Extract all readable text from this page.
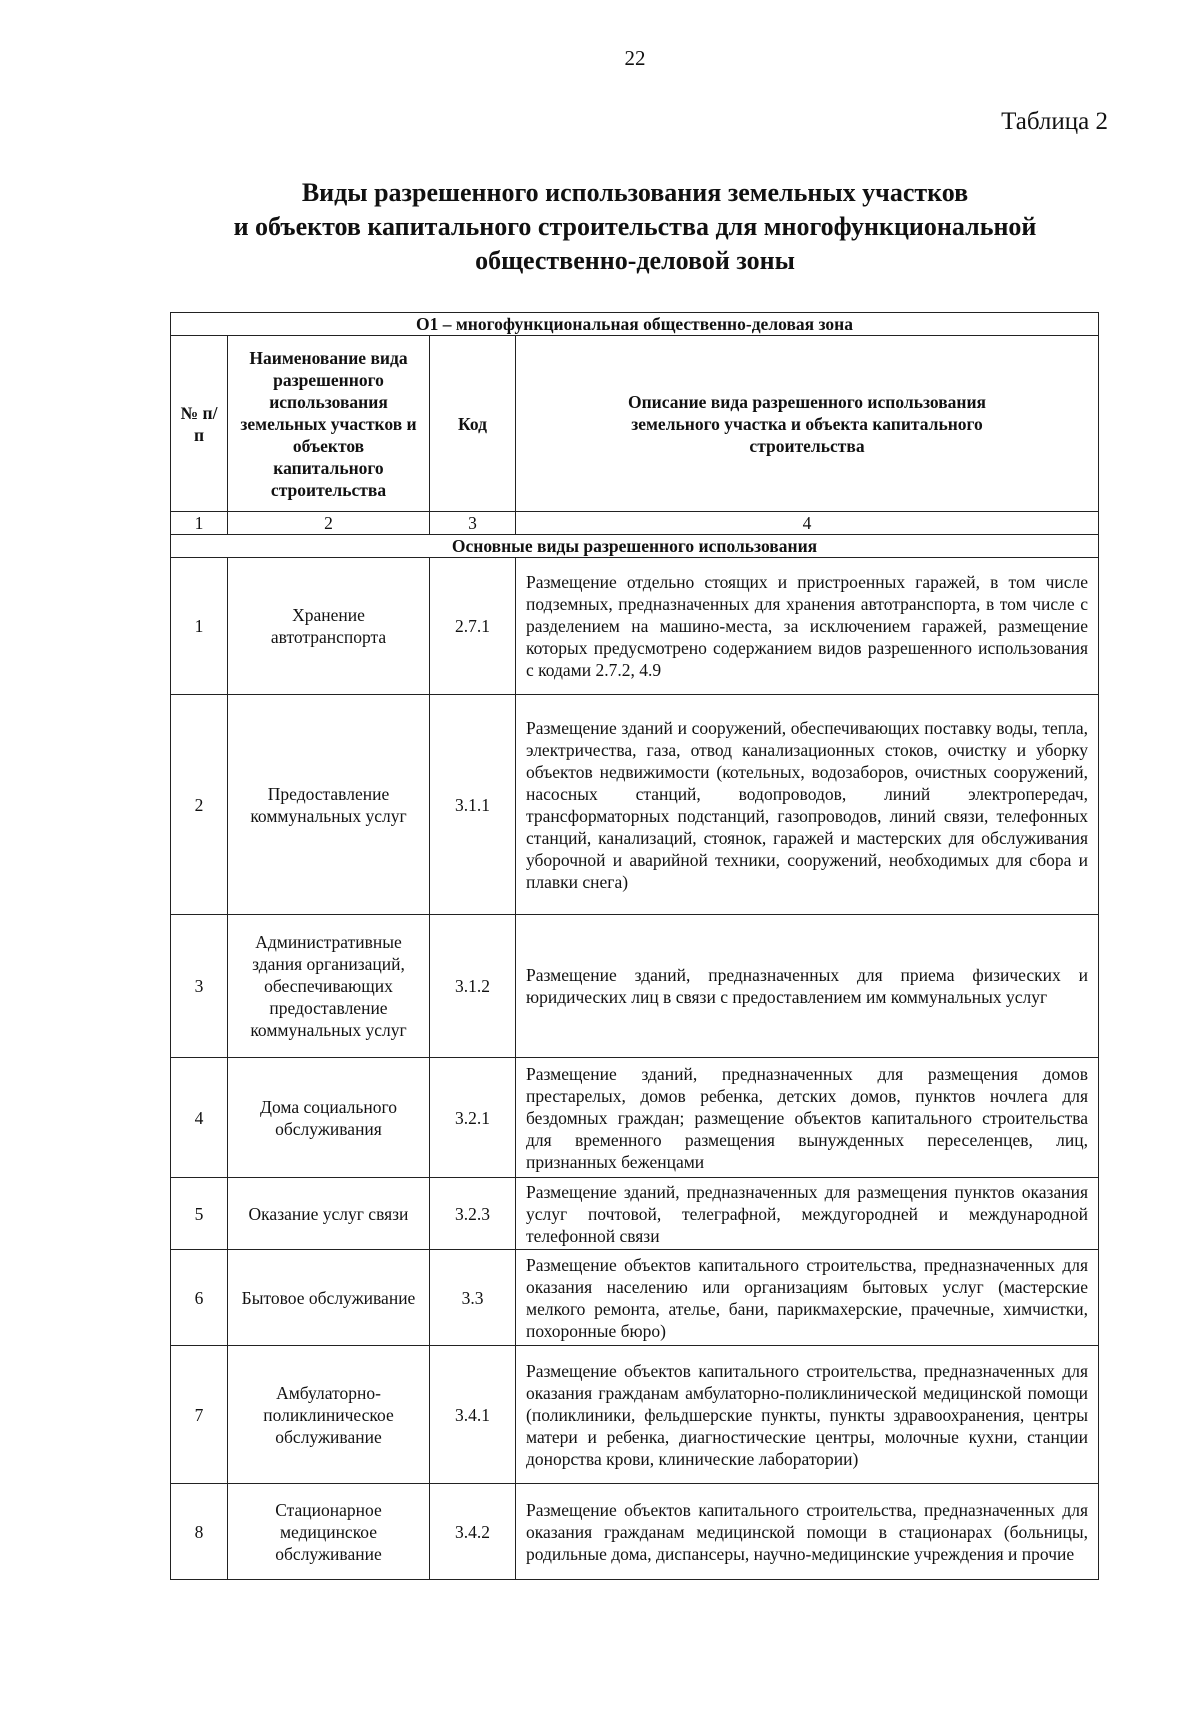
22
Таблица 2
Виды разрешенного использования земельных участков
и объектов капитального строительства для многофункциональной
общественно-деловой зоны
О1 – многофункциональная общественно-деловая зона			
№ п/п	Наименование вида разрешенного использования земельных участков и объектов капитального строительства	Код	Описание вида разрешенного использования земельного участка и объекта капитального строительства
1	2	3	4
Основные виды разрешенного использования			
1	Хранение автотранспорта	2.7.1	Размещение отдельно стоящих и пристроенных гаражей, в том числе подземных, предназначенных для хранения автотранспорта, в том числе с разделением на машино-места, за исключением гаражей, размещение которых предусмотрено содержанием видов разрешенного использования с кодами 2.7.2, 4.9
2	Предоставление коммунальных услуг	3.1.1	Размещение зданий и сооружений, обеспечивающих поставку воды, тепла, электричества, газа, отвод канализационных стоков, очистку и уборку объектов недвижимости (котельных, водозаборов, очистных сооружений, насосных станций, водопроводов, линий электропередач, трансформаторных подстанций, газопроводов, линий связи, телефонных станций, канализаций, стоянок, гаражей и мастерских для обслуживания уборочной и аварийной техники, сооружений, необходимых для сбора и плавки снега)
3	Административные здания организаций, обеспечивающих предоставление коммунальных услуг	3.1.2	Размещение зданий, предназначенных для приема физических и юридических лиц в связи с предоставлением им коммунальных услуг
4	Дома социального обслуживания	3.2.1	Размещение зданий, предназначенных для размещения домов престарелых, домов ребенка, детских домов, пунктов ночлега для бездомных граждан; размещение объектов капитального строительства для временного размещения вынужденных переселенцев, лиц, признанных беженцами
5	Оказание услуг связи	3.2.3	Размещение зданий, предназначенных для размещения пунктов оказания услуг почтовой, телеграфной, междугородней и международной телефонной связи
6	Бытовое обслуживание	3.3	Размещение объектов капитального строительства, предназначенных для оказания населению или организациям бытовых услуг (мастерские мелкого ремонта, ателье, бани, парикмахерские, прачечные, химчистки, похоронные бюро)
7	Амбулаторно-поликлиническое обслуживание	3.4.1	Размещение объектов капитального строительства, предназначенных для оказания гражданам амбулаторно-поликлинической медицинской помощи (поликлиники, фельдшерские пункты, пункты здравоохранения, центры матери и ребенка, диагностические центры, молочные кухни, станции донорства крови, клинические лаборатории)
8	Стационарное медицинское обслуживание	3.4.2	Размещение объектов капитального строительства, предназначенных для оказания гражданам медицинской помощи в стационарах (больницы, родильные дома, диспансеры, научно-медицинские учреждения и прочие
